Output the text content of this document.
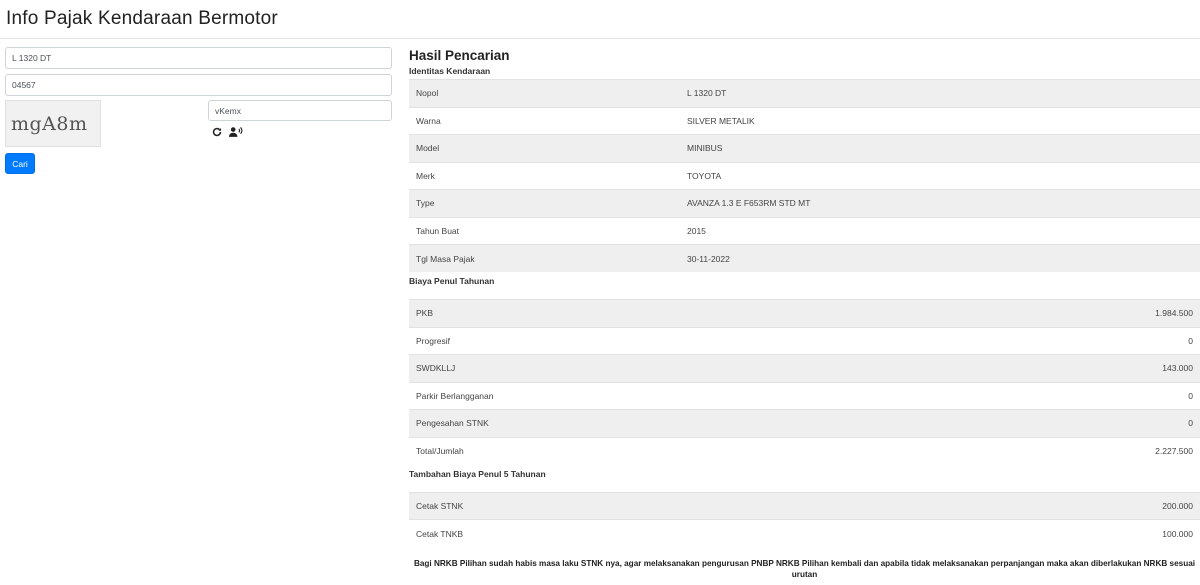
Info Pajak Kendaraan Bermotor
L 1320 DT
04567
mgA8m
vKemx
Cari
Hasil Pencarian
Identitas Kendaraan
Nopol	L 1320 DT
Warna	SILVER METALIK
Model	MINIBUS
Merk	TOYOTA
Type	AVANZA 1.3 E F653RM STD MT
Tahun Buat	2015
Tgl Masa Pajak	30-11-2022
Biaya Penul Tahunan
PKB	1.984.500
Progresif	0
SWDKLLJ	143.000
Parkir Berlangganan	0
Pengesahan STNK	0
Total/Jumlah	2.227.500
Tambahan Biaya Penul 5 Tahunan
Cetak STNK	200.000
Cetak TNKB	100.000
Bagi NRKB Pilihan sudah habis masa laku STNK nya, agar melaksanakan pengurusan PNBP NRKB Pilihan kembali dan apabila tidak melaksanakan perpanjangan maka akan diberlakukan NRKB sesuai urutan
